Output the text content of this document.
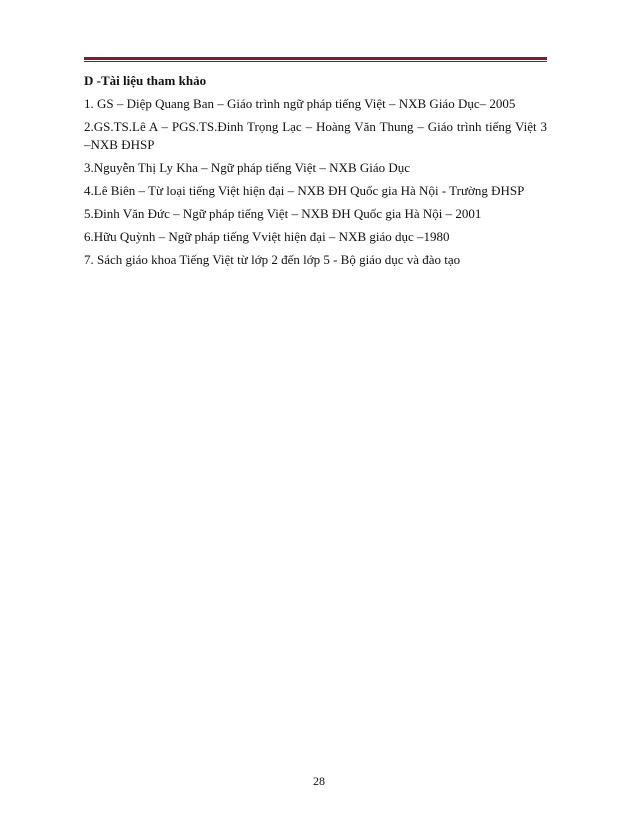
D -Tài liệu tham khảo

1. GS – Diệp Quang Ban – Giáo trình ngữ pháp tiếng Việt – NXB Giáo Dục– 2005

2.GS.TS.Lê A – PGS.TS.Đinh Trọng Lạc – Hoàng Văn Thung – Giáo trình tiếng Việt 3 –NXB ĐHSP

3.Nguyễn Thị Ly Kha – Ngữ pháp tiếng Việt – NXB Giáo Dục

4.Lê Biên – Từ loại tiếng Việt hiện đại – NXB ĐH Quốc gia Hà Nội - Trường ĐHSP

5.Đinh Văn Đức – Ngữ pháp tiếng Việt – NXB ĐH Quốc gia Hà Nội – 2001

6.Hữu Quỳnh – Ngữ pháp tiếng Vviệt hiện đại – NXB giáo dục –1980

7. Sách giáo khoa Tiếng Việt từ lớp 2 đến lớp 5 - Bộ giáo dục và đào tạo

28
